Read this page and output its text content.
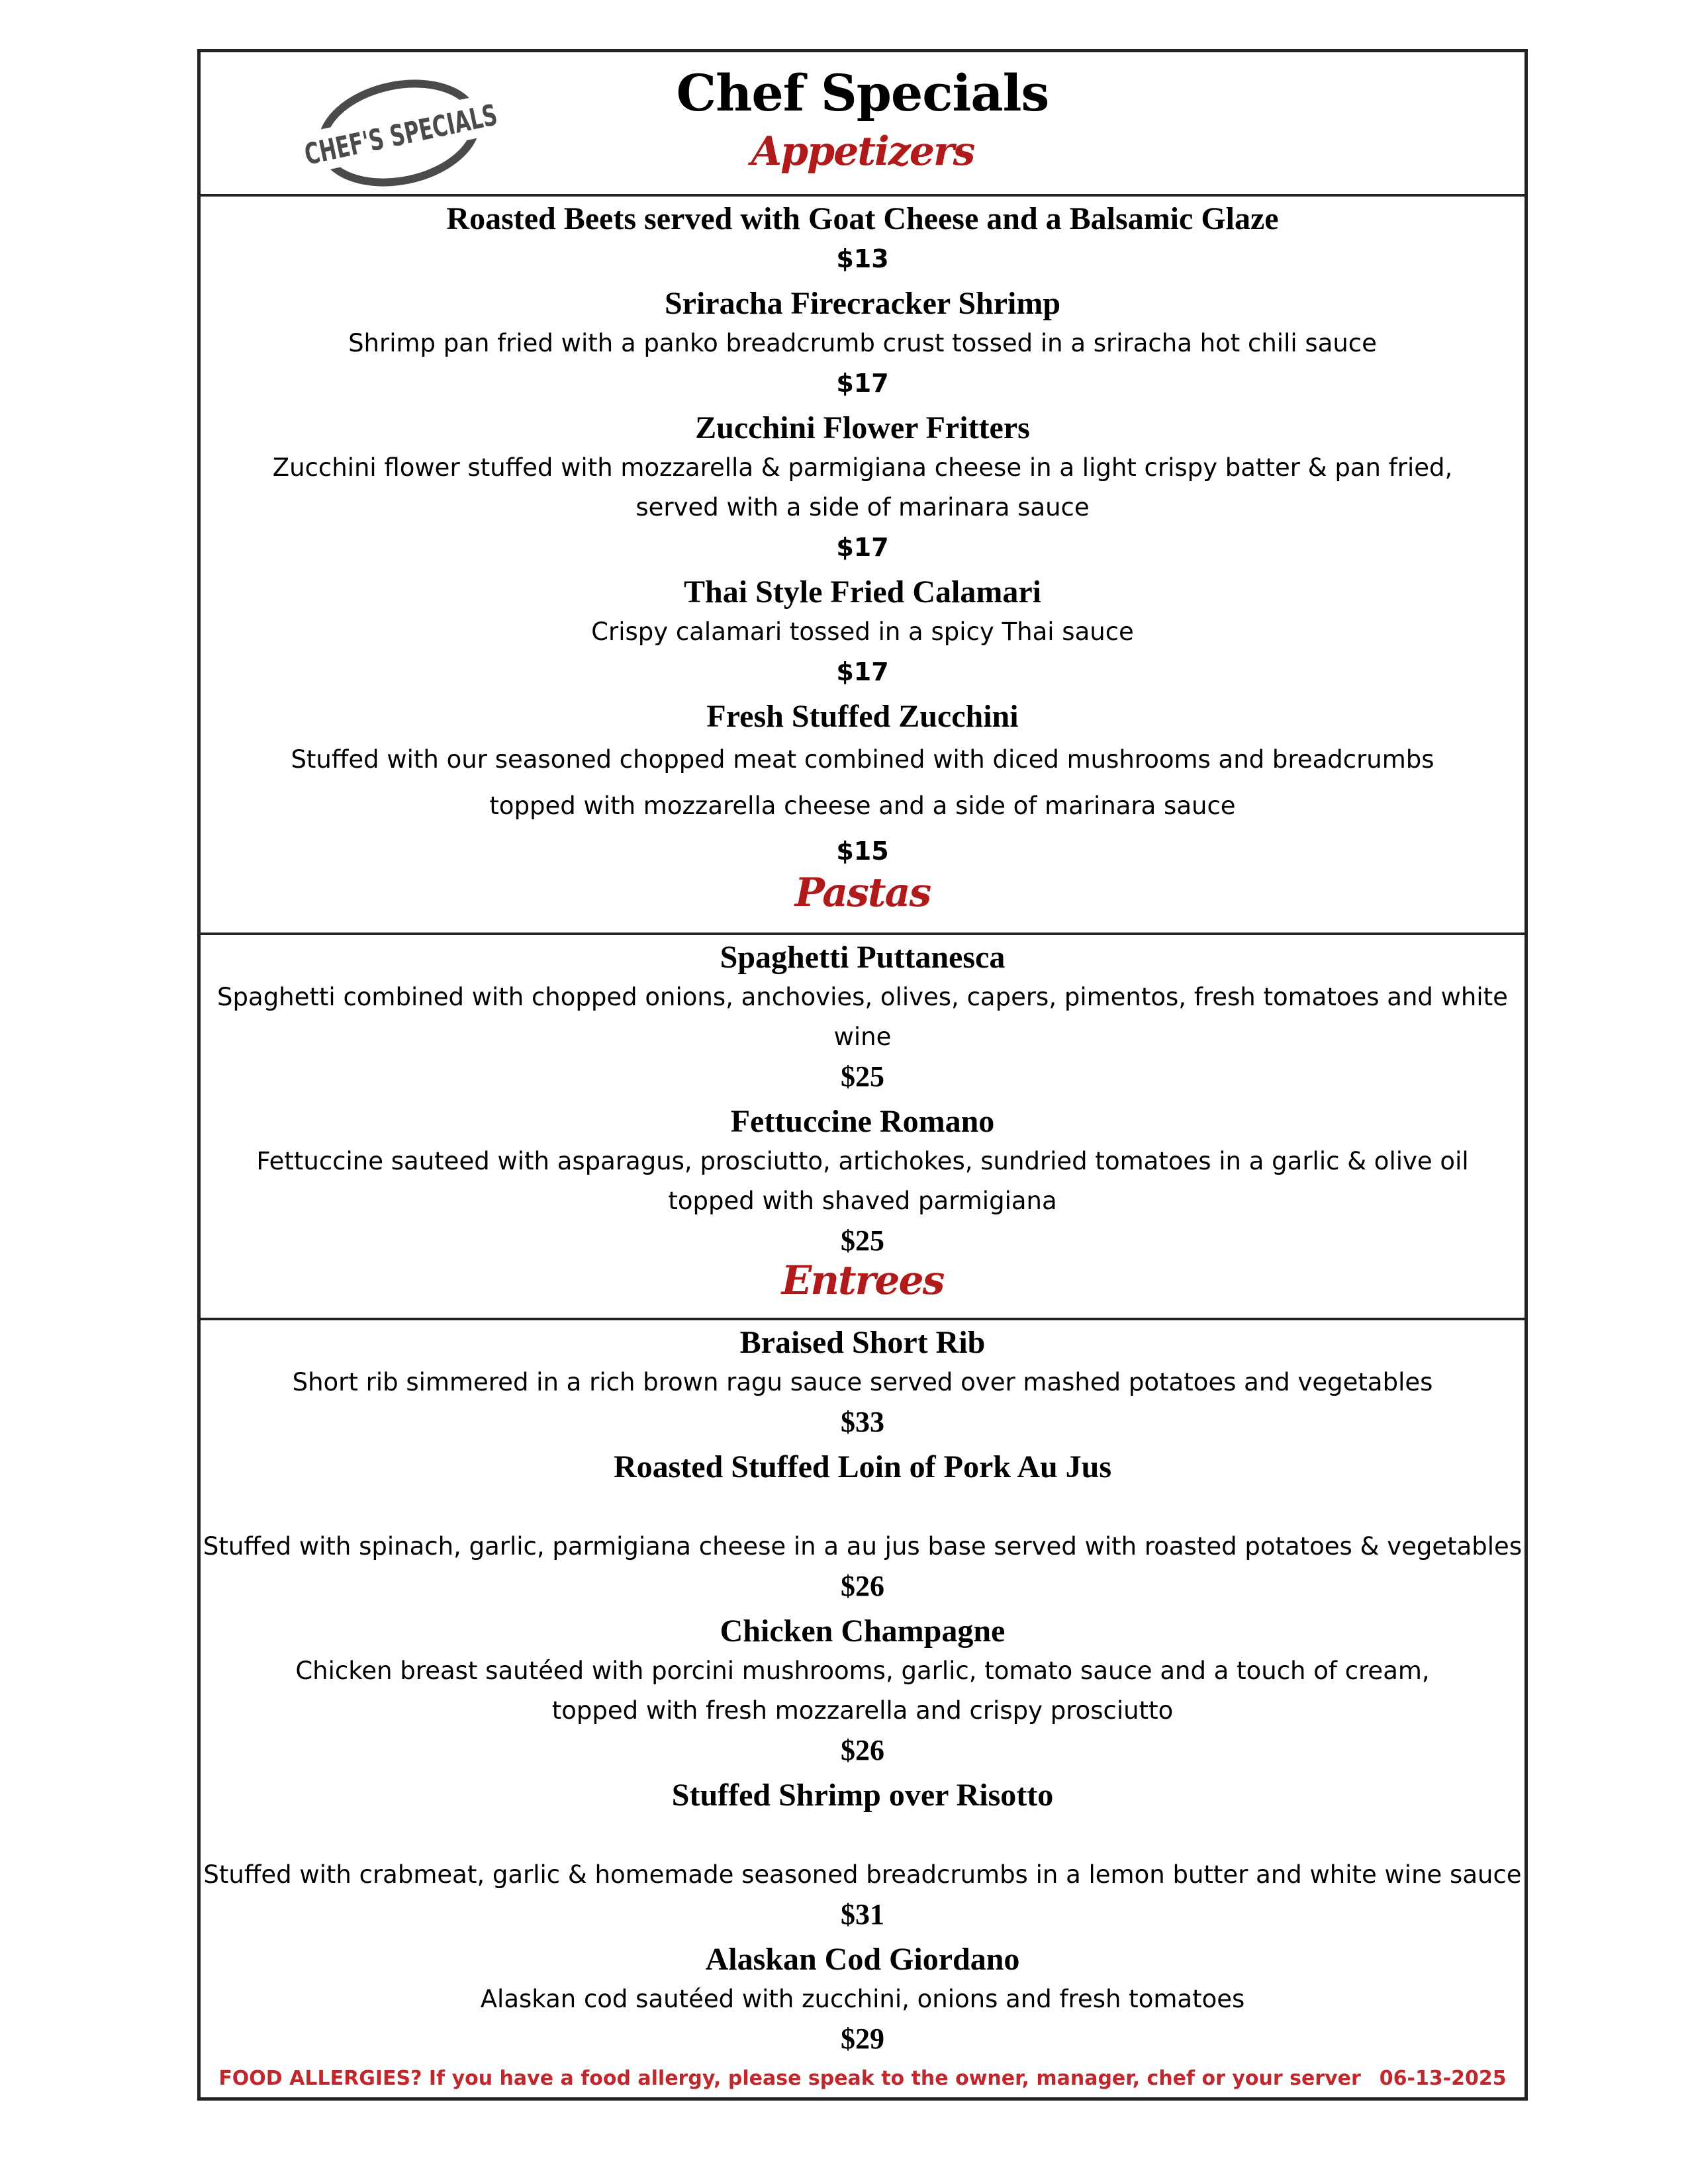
CHEF'S SPECIALS	Chef Specials
Appetizers
Roasted Beets served with Goat Cheese and a Balsamic Glaze
$13
Sriracha Firecracker Shrimp
Shrimp pan fried with a panko breadcrumb crust tossed in a sriracha hot chili sauce
$17
Zucchini Flower Fritters
Zucchini flower stuffed with mozzarella & parmigiana cheese in a light crispy batter & pan fried,
served with a side of marinara sauce
$17
Thai Style Fried Calamari
Crispy calamari tossed in a spicy Thai sauce
$17
Fresh Stuffed Zucchini
Stuffed with our seasoned chopped meat combined with diced mushrooms and breadcrumbs
topped with mozzarella cheese and a side of marinara sauce
$15
Pastas
Spaghetti Puttanesca
Spaghetti combined with chopped onions, anchovies, olives, capers, pimentos, fresh tomatoes and white
wine
$25
Fettuccine Romano
Fettuccine sauteed with asparagus, prosciutto, artichokes, sundried tomatoes in a garlic & olive oil
topped with shaved parmigiana
$25
Entrees
Braised Short Rib
Short rib simmered in a rich brown ragu sauce served over mashed potatoes and vegetables
$33
Roasted Stuffed Loin of Pork Au Jus
Stuffed with spinach, garlic, parmigiana cheese in a au jus base served with roasted potatoes & vegetables
$26
Chicken Champagne
Chicken breast sautéed with porcini mushrooms, garlic, tomato sauce and a touch of cream,
topped with fresh mozzarella and crispy prosciutto
$26
Stuffed Shrimp over Risotto
Stuffed with crabmeat, garlic & homemade seasoned breadcrumbs in a lemon butter and white wine sauce
$31
Alaskan Cod Giordano
Alaskan cod sautéed with zucchini, onions and fresh tomatoes
$29
FOOD ALLERGIES? If you have a food allergy, please speak to the owner, manager, chef or your server 06-13-2025
